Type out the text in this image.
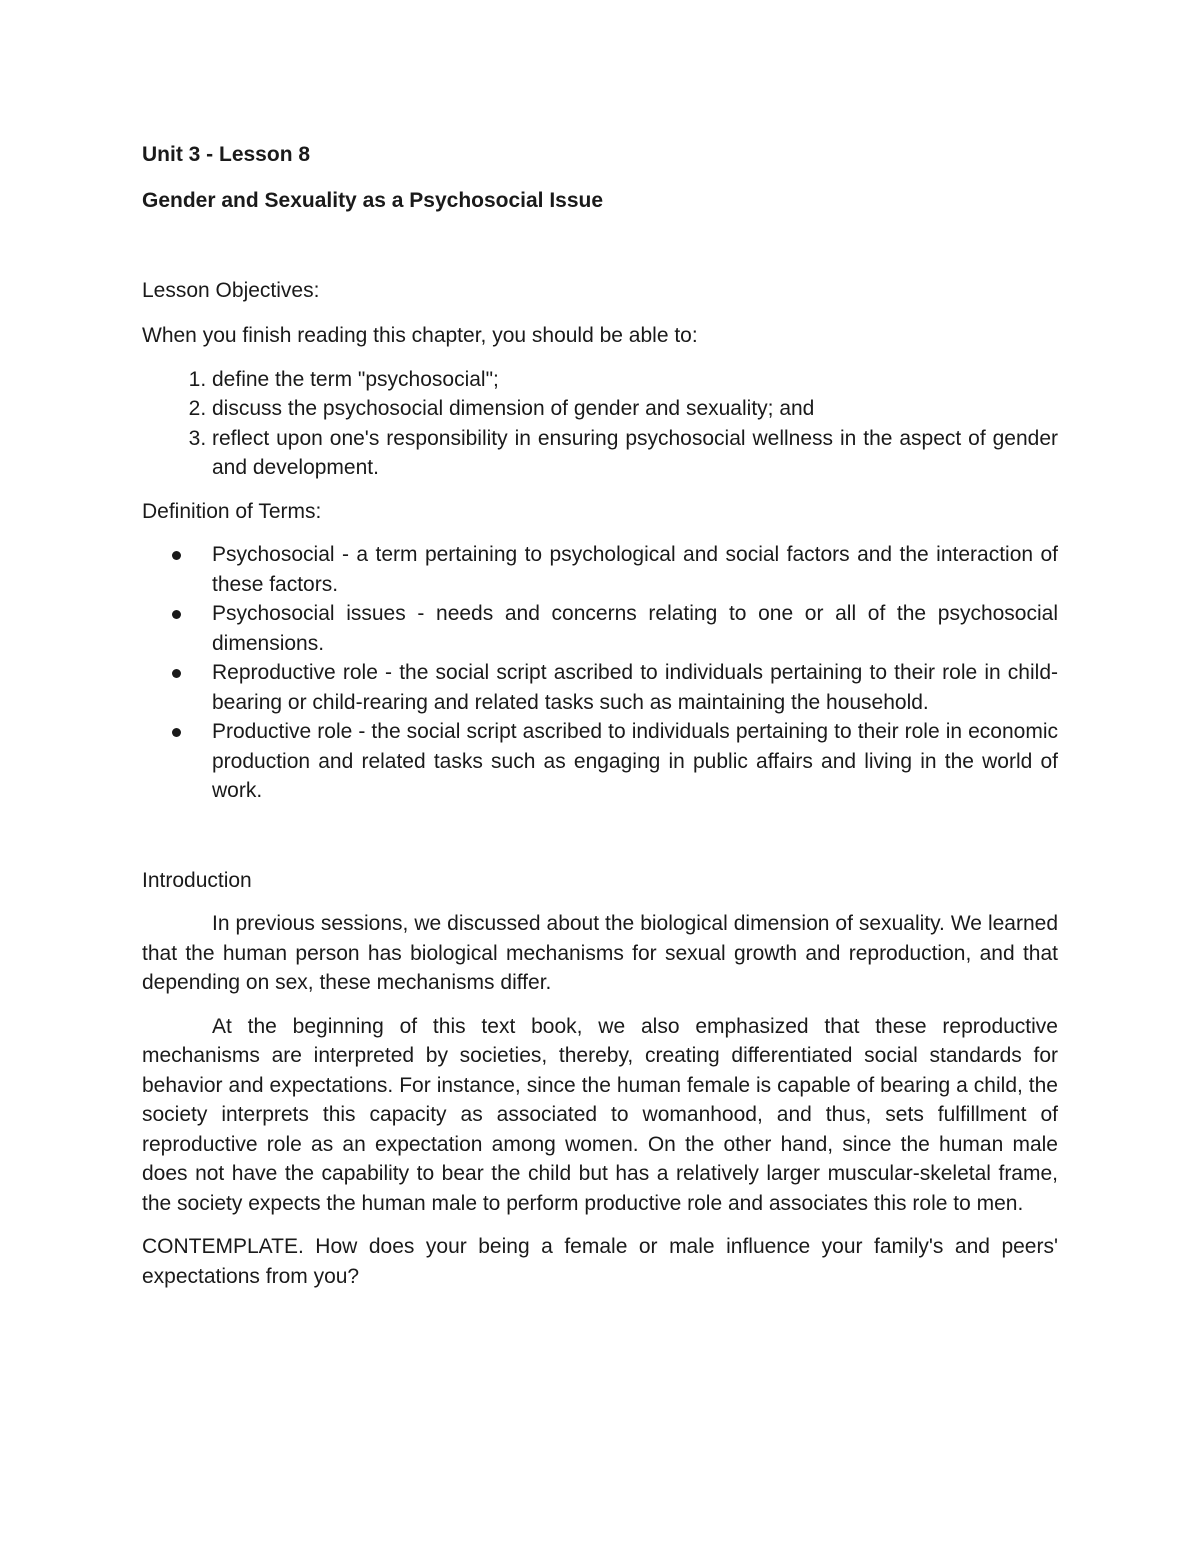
Unit 3 - Lesson 8

Gender and Sexuality as a Psychosocial Issue

Lesson Objectives:

When you finish reading this chapter, you should be able to:

1. define the term "psychosocial";
2. discuss the psychosocial dimension of gender and sexuality; and
3. reflect upon one's responsibility in ensuring psychosocial wellness in the aspect of gender and development.

Definition of Terms:

Psychosocial - a term pertaining to psychological and social factors and the interaction of these factors.
Psychosocial issues - needs and concerns relating to one or all of the psychosocial dimensions.
Reproductive role - the social script ascribed to individuals pertaining to their role in child-bearing or child-rearing and related tasks such as maintaining the household.
Productive role - the social script ascribed to individuals pertaining to their role in economic production and related tasks such as engaging in public affairs and living in the world of work.

Introduction

In previous sessions, we discussed about the biological dimension of sexuality. We learned that the human person has biological mechanisms for sexual growth and reproduction, and that depending on sex, these mechanisms differ.

At the beginning of this text book, we also emphasized that these reproductive mechanisms are interpreted by societies, thereby, creating differentiated social standards for behavior and expectations. For instance, since the human female is capable of bearing a child, the society interprets this capacity as associated to womanhood, and thus, sets fulfillment of reproductive role as an expectation among women. On the other hand, since the human male does not have the capability to bear the child but has a relatively larger muscular-skeletal frame, the society expects the human male to perform productive role and associates this role to men.

CONTEMPLATE. How does your being a female or male influence your family's and peers' expectations from you?
